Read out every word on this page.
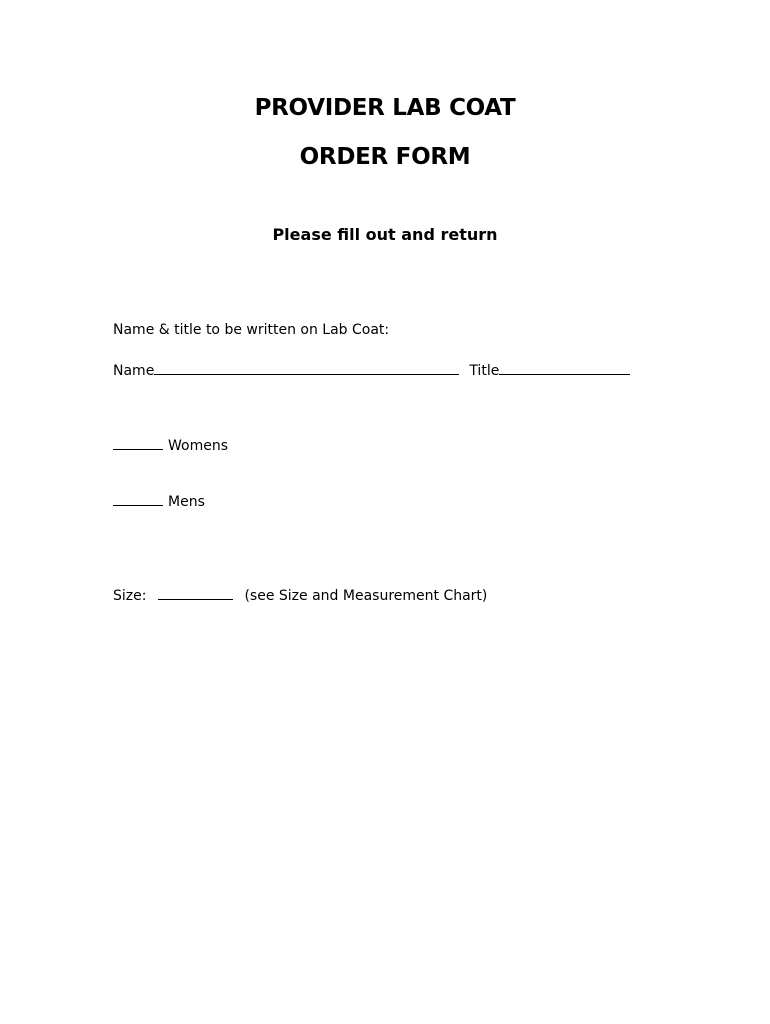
PROVIDER LAB COAT
ORDER FORM
Please fill out and return
Name & title to be written on Lab Coat:
Name	Title
Womens
Mens
Size:	(see Size and Measurement Chart)
